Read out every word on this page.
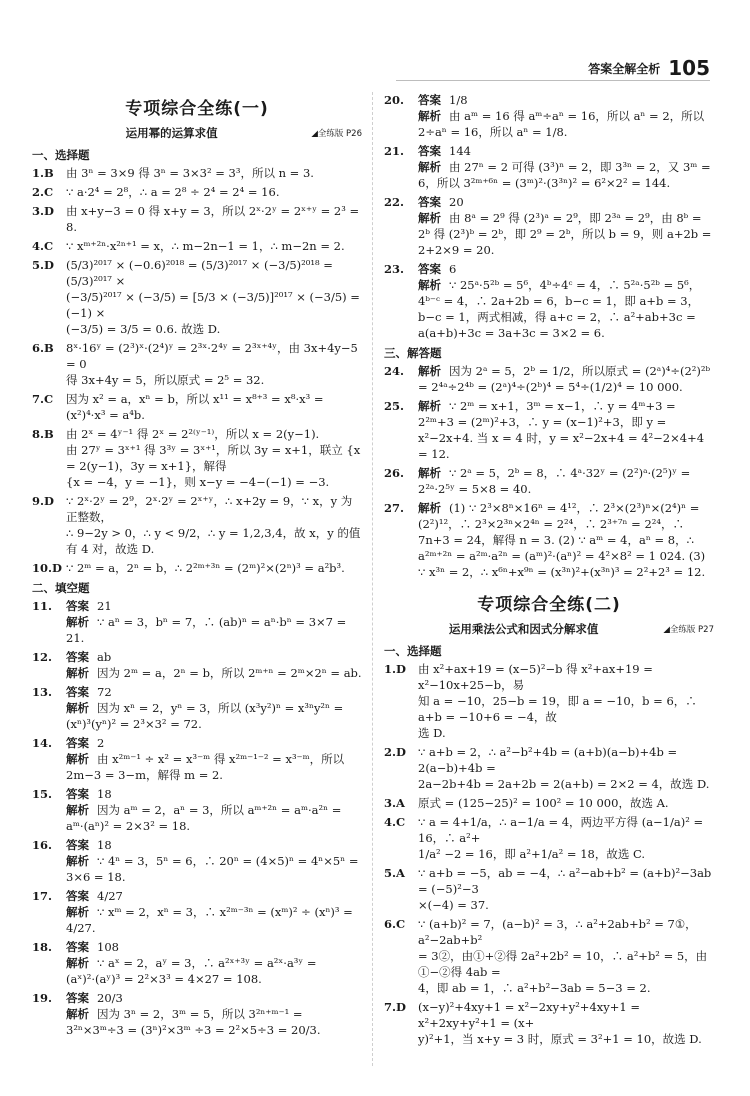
答案全解全析 105
专项综合全练(一)
运用幂的运算求值	◢全练版 P26
一、选择题
1.B	由 3ⁿ = 3×9 得 3ⁿ = 3×3² = 3³，所以 n = 3.
2.C	∵ a·2⁴ = 2⁸，∴ a = 2⁸ ÷ 2⁴ = 2⁴ = 16.
3.D	由 x+y−3 = 0 得 x+y = 3，所以 2ˣ·2ʸ = 2ˣ⁺ʸ = 2³ = 8.
4.C	∵ xᵐ⁺²ⁿ·x²ⁿ⁺¹ = x，∴ m−2n−1 = 1，∴ m−2n = 2.
5.D	(5/3)²⁰¹⁷ × (−0.6)²⁰¹⁸ = (5/3)²⁰¹⁷ × (−3/5)²⁰¹⁸ = (5/3)²⁰¹⁷ ×
(−3/5)²⁰¹⁷ × (−3/5) = [5/3 × (−3/5)]²⁰¹⁷ × (−3/5) = (−1) ×
(−3/5) = 3/5 = 0.6. 故选 D.
6.B	8ˣ·16ʸ = (2³)ˣ·(2⁴)ʸ = 2³ˣ·2⁴ʸ = 2³ˣ⁺⁴ʸ，由 3x+4y−5 = 0
得 3x+4y = 5，所以原式 = 2⁵ = 32.
7.C	因为 x² = a，xⁿ = b，所以 x¹¹ = x⁸⁺³ = x⁸·x³ = (x²)⁴·x³ = a⁴b.
8.B	由 2ˣ = 4ʸ⁻¹ 得 2ˣ = 2²⁽ʸ⁻¹⁾，所以 x = 2(y−1).
由 27ʸ = 3ˣ⁺¹ 得 3³ʸ = 3ˣ⁺¹，所以 3y = x+1，联立 {x = 2(y−1)，3y = x+1}，解得
{x = −4，y = −1}，则 x−y = −4−(−1) = −3.
9.D	∵ 2ˣ·2ʸ = 2⁹，2ˣ·2ʸ = 2ˣ⁺ʸ，∴ x+2y = 9，∵ x，y 为正整数，
∴ 9−2y > 0，∴ y < 9/2，∴ y = 1,2,3,4，故 x，y 的值有 4 对，故选 D.
10.D ∵ 2ᵐ = a，2ⁿ = b，∴ 2²ᵐ⁺³ⁿ = (2ᵐ)²×(2ⁿ)³ = a²b³.
二、填空题
11.	答案 21
解析 ∵ aⁿ = 3，bⁿ = 7，∴ (ab)ⁿ = aⁿ·bⁿ = 3×7 = 21.
12.	答案 ab
解析 因为 2ᵐ = a，2ⁿ = b，所以 2ᵐ⁺ⁿ = 2ᵐ×2ⁿ = ab.
13.	答案 72
解析 因为 xⁿ = 2，yⁿ = 3，所以 (x³y²)ⁿ = x³ⁿy²ⁿ = (xⁿ)³(yⁿ)² = 2³×3² = 72.
14.	答案 2
解析 由 x²ᵐ⁻¹ ÷ x² = x³⁻ᵐ 得 x²ᵐ⁻¹⁻² = x³⁻ᵐ，所以 2m−3 = 3−m，解得 m = 2.
15.	答案 18
解析 因为 aᵐ = 2，aⁿ = 3，所以 aᵐ⁺²ⁿ = aᵐ·a²ⁿ = aᵐ·(aⁿ)² = 2×3² = 18.
16.	答案 18
解析 ∵ 4ⁿ = 3，5ⁿ = 6，∴ 20ⁿ = (4×5)ⁿ = 4ⁿ×5ⁿ = 3×6 = 18.
17.	答案 4/27
解析 ∵ xᵐ = 2，xⁿ = 3，∴ x²ᵐ⁻³ⁿ = (xᵐ)² ÷ (xⁿ)³ = 4/27.
18.	答案 108
解析 ∵ aˣ = 2，aʸ = 3，∴ a²ˣ⁺³ʸ = a²ˣ·a³ʸ = (aˣ)²·(aʸ)³ = 2²×3³ = 4×27 = 108.
19.	答案 20/3
解析 因为 3ⁿ = 2，3ᵐ = 5，所以 3²ⁿ⁺ᵐ⁻¹ = 3²ⁿ×3ᵐ÷3 = (3ⁿ)²×3ᵐ ÷3 = 2²×5÷3 = 20/3.
20.	答案 1/8
解析 由 aᵐ = 16 得 aᵐ÷aⁿ = 16，所以 aⁿ = 2，所以 2÷aⁿ = 16，所以 aⁿ = 1/8.
21.	答案 144
解析 由 27ⁿ = 2 可得 (3³)ⁿ = 2，即 3³ⁿ = 2，又 3ᵐ = 6，所以 3²ᵐ⁺⁶ⁿ = (3ᵐ)²·(3³ⁿ)² = 6²×2² = 144.
22.	答案 20
解析 由 8ᵃ = 2⁹ 得 (2³)ᵃ = 2⁹，即 2³ᵃ = 2⁹，由 8ᵇ = 2ᵇ 得 (2³)ᵇ = 2ᵇ，即 2⁹ = 2ᵇ，所以 b = 9，则 a+2b = 2+2×9 = 20.
23.	答案 6
解析 ∵ 25ᵃ·5²ᵇ = 5⁶，4ᵇ÷4ᶜ = 4，∴ 5²ᵃ·5²ᵇ = 5⁶，4ᵇ⁻ᶜ = 4，∴ 2a+2b = 6，b−c = 1，即 a+b = 3，b−c = 1，两式相减，得 a+c = 2，∴ a²+ab+3c = a(a+b)+3c = 3a+3c = 3×2 = 6.
三、解答题
24.	解析 因为 2ᵃ = 5，2ᵇ = 1/2，所以原式 = (2ᵃ)⁴÷(2²)²ᵇ = 2⁴ᵃ÷2⁴ᵇ = (2ᵃ)⁴÷(2ᵇ)⁴ = 5⁴÷(1/2)⁴ = 10 000.
25.	解析 ∵ 2ᵐ = x+1，3ᵐ = x−1，∴ y = 4ᵐ+3 = 2²ᵐ+3 = (2ᵐ)²+3，∴ y = (x−1)²+3，即 y = x²−2x+4. 当 x = 4 时，y = x²−2x+4 = 4²−2×4+4 = 12.
26.	解析 ∵ 2ᵃ = 5，2ᵇ = 8，∴ 4ᵃ·32ʸ = (2²)ᵃ·(2⁵)ʸ = 2²ᵃ·2⁵ʸ = 5×8 = 40.
27.	解析 (1) ∵ 2³×8ⁿ×16ⁿ = 4¹²，∴ 2³×(2³)ⁿ×(2⁴)ⁿ = (2²)¹²，∴ 2³×2³ⁿ×2⁴ⁿ = 2²⁴，∴ 2³⁺⁷ⁿ = 2²⁴，∴ 7n+3 = 24，解得 n = 3. (2) ∵ aᵐ = 4，aⁿ = 8，∴ a²ᵐ⁺²ⁿ = a²ᵐ·a²ⁿ = (aᵐ)²·(aⁿ)² = 4²×8² = 1 024. (3) ∵ x³ⁿ = 2，∴ x⁶ⁿ+x⁹ⁿ = (x³ⁿ)²+(x³ⁿ)³ = 2²+2³ = 12.
专项综合全练(二)
运用乘法公式和因式分解求值	◢全练版 P27
一、选择题
1.D	由 x²+ax+19 = (x−5)²−b 得 x²+ax+19 = x²−10x+25−b，易
知 a = −10，25−b = 19，即 a = −10，b = 6，∴ a+b = −10+6 = −4，故
选 D.
2.D	∵ a+b = 2，∴ a²−b²+4b = (a+b)(a−b)+4b = 2(a−b)+4b =
2a−2b+4b = 2a+2b = 2(a+b) = 2×2 = 4，故选 D.
3.A	原式 = (125−25)² = 100² = 10 000，故选 A.
4.C	∵ a = 4+1/a，∴ a−1/a = 4，两边平方得 (a−1/a)² = 16，∴ a²+
1/a² −2 = 16，即 a²+1/a² = 18，故选 C.
5.A	∵ a+b = −5，ab = −4，∴ a²−ab+b² = (a+b)²−3ab = (−5)²−3
×(−4) = 37.
6.C	∵ (a+b)² = 7，(a−b)² = 3，∴ a²+2ab+b² = 7①，a²−2ab+b²
= 3②，由①+②得 2a²+2b² = 10，∴ a²+b² = 5，由①−②得 4ab =
4，即 ab = 1，∴ a²+b²−3ab = 5−3 = 2.
7.D	(x−y)²+4xy+1 = x²−2xy+y²+4xy+1 = x²+2xy+y²+1 = (x+
y)²+1，当 x+y = 3 时，原式 = 3²+1 = 10，故选 D.
